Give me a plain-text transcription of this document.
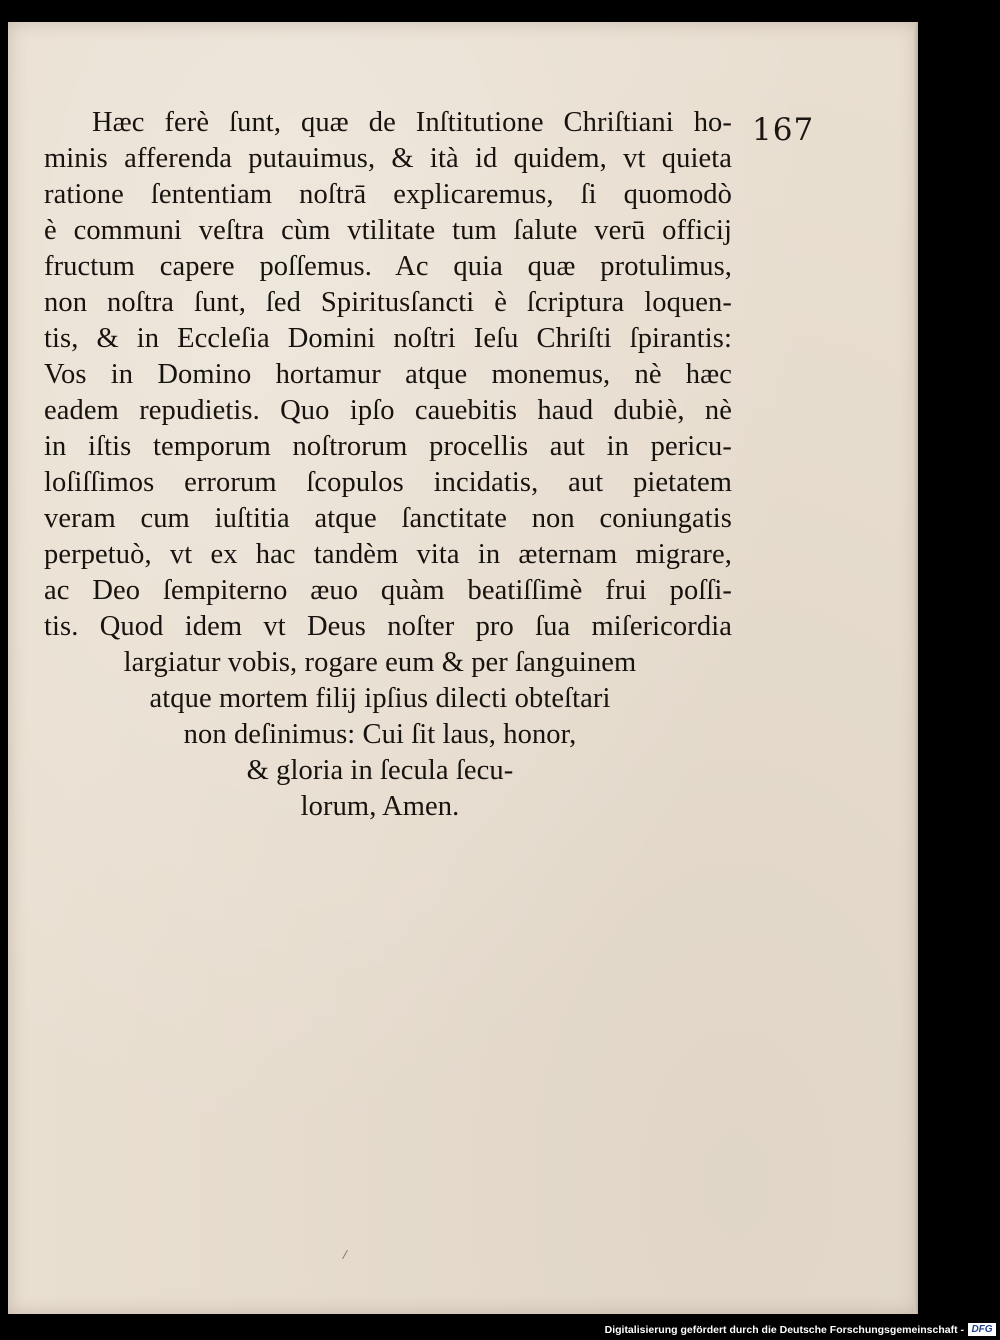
167
Hæc ferè ſunt, quæ de Inſtitutione Chriſtiani ho-
minis afferenda putauimus, & ità id quidem, vt quieta
ratione ſententiam noſtrā explicaremus, ſi quomodò
è communi veſtra cùm vtilitate tum ſalute verū officij
fructum capere poſſemus. Ac quia quæ protulimus,
non noſtra ſunt, ſed Spiritusſancti è ſcriptura loquen-
tis, & in Eccleſia Domini noſtri Ieſu Chriſti ſpirantis:
Vos in Domino hortamur atque monemus, nè hæc
eadem repudietis. Quo ipſo cauebitis haud dubiè, nè
in iſtis temporum noſtrorum procellis aut in pericu-
loſiſſimos errorum ſcopulos incidatis, aut pietatem
veram cum iuſtitia atque ſanctitate non coniungatis
perpetuò, vt ex hac tandèm vita in æternam migrare,
ac Deo ſempiterno æuo quàm beatiſſimè frui poſſi-
tis. Quod idem vt Deus noſter pro ſua miſericordia
largiatur vobis, rogare eum & per ſanguinem
atque mortem filij ipſius dilecti obteſtari
non deſinimus: Cui ſit laus, honor,
& gloria in ſecula ſecu-
lorum, Amen.
Digitalisierung gefördert durch die Deutsche Forschungsgemeinschaft - DFG
